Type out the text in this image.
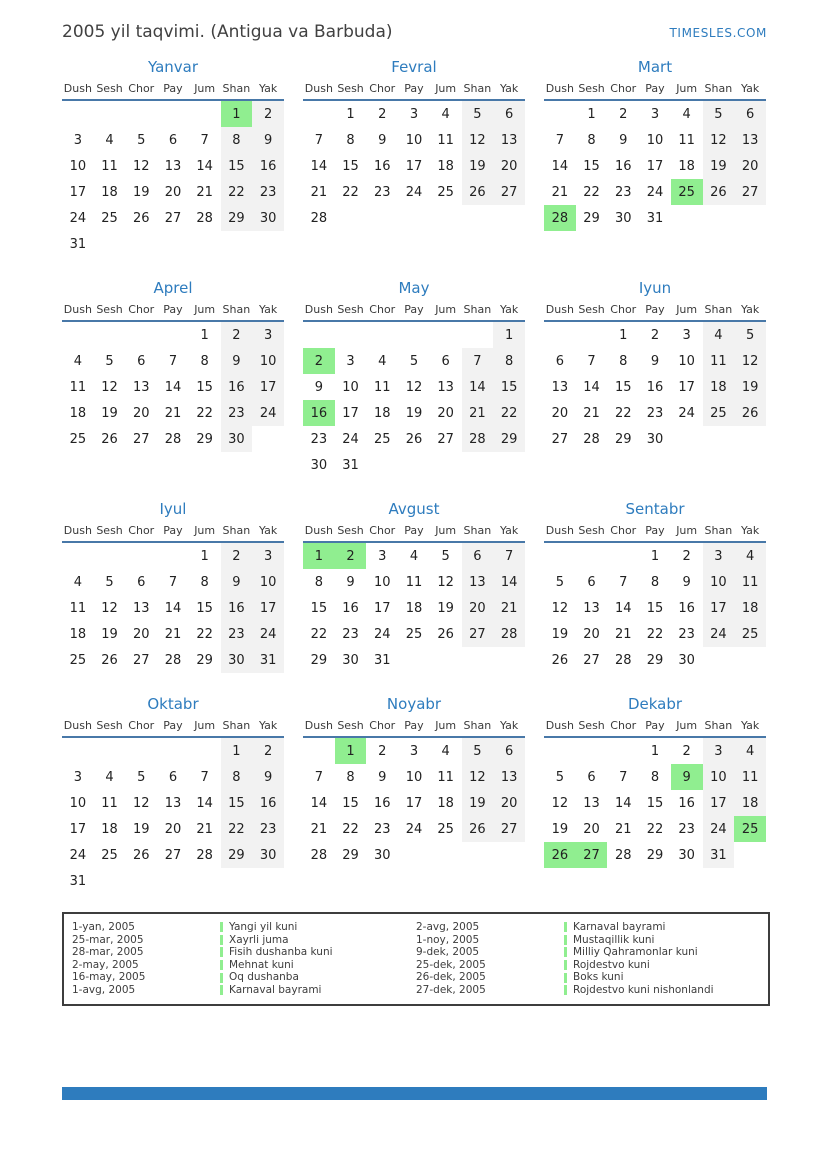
2005 yil taqvimi. (Antigua va Barbuda)	TIMESLES.COM
Yanvar
Dush	Sesh	Chor	Pay	Jum	Shan	Yak
					1	2
3	4	5	6	7	8	9
10	11	12	13	14	15	16
17	18	19	20	21	22	23
24	25	26	27	28	29	30
31						
Fevral
Dush	Sesh	Chor	Pay	Jum	Shan	Yak
	1	2	3	4	5	6
7	8	9	10	11	12	13
14	15	16	17	18	19	20
21	22	23	24	25	26	27
28						
Mart
Dush	Sesh	Chor	Pay	Jum	Shan	Yak
	1	2	3	4	5	6
7	8	9	10	11	12	13
14	15	16	17	18	19	20
21	22	23	24	25	26	27
28	29	30	31			
Aprel
Dush	Sesh	Chor	Pay	Jum	Shan	Yak
				1	2	3
4	5	6	7	8	9	10
11	12	13	14	15	16	17
18	19	20	21	22	23	24
25	26	27	28	29	30	
May
Dush	Sesh	Chor	Pay	Jum	Shan	Yak
						1
2	3	4	5	6	7	8
9	10	11	12	13	14	15
16	17	18	19	20	21	22
23	24	25	26	27	28	29
30	31					
Iyun
Dush	Sesh	Chor	Pay	Jum	Shan	Yak
		1	2	3	4	5
6	7	8	9	10	11	12
13	14	15	16	17	18	19
20	21	22	23	24	25	26
27	28	29	30			
Iyul
Dush	Sesh	Chor	Pay	Jum	Shan	Yak
				1	2	3
4	5	6	7	8	9	10
11	12	13	14	15	16	17
18	19	20	21	22	23	24
25	26	27	28	29	30	31
Avgust
Dush	Sesh	Chor	Pay	Jum	Shan	Yak
1	2	3	4	5	6	7
8	9	10	11	12	13	14
15	16	17	18	19	20	21
22	23	24	25	26	27	28
29	30	31				
Sentabr
Dush	Sesh	Chor	Pay	Jum	Shan	Yak
			1	2	3	4
5	6	7	8	9	10	11
12	13	14	15	16	17	18
19	20	21	22	23	24	25
26	27	28	29	30		
Oktabr
Dush	Sesh	Chor	Pay	Jum	Shan	Yak
					1	2
3	4	5	6	7	8	9
10	11	12	13	14	15	16
17	18	19	20	21	22	23
24	25	26	27	28	29	30
31						
Noyabr
Dush	Sesh	Chor	Pay	Jum	Shan	Yak
	1	2	3	4	5	6
7	8	9	10	11	12	13
14	15	16	17	18	19	20
21	22	23	24	25	26	27
28	29	30				
Dekabr
Dush	Sesh	Chor	Pay	Jum	Shan	Yak
			1	2	3	4
5	6	7	8	9	10	11
12	13	14	15	16	17	18
19	20	21	22	23	24	25
26	27	28	29	30	31	
1-yan, 2005	Yangi yil kuni
25-mar, 2005	Xayrli juma
28-mar, 2005	Fisih dushanba kuni
2-may, 2005	Mehnat kuni
16-may, 2005	Oq dushanba
1-avg, 2005	Karnaval bayrami
2-avg, 2005	Karnaval bayrami
1-noy, 2005	Mustaqillik kuni
9-dek, 2005	Milliy Qahramonlar kuni
25-dek, 2005	Rojdestvo kuni
26-dek, 2005	Boks kuni
27-dek, 2005	Rojdestvo kuni nishonlandi
